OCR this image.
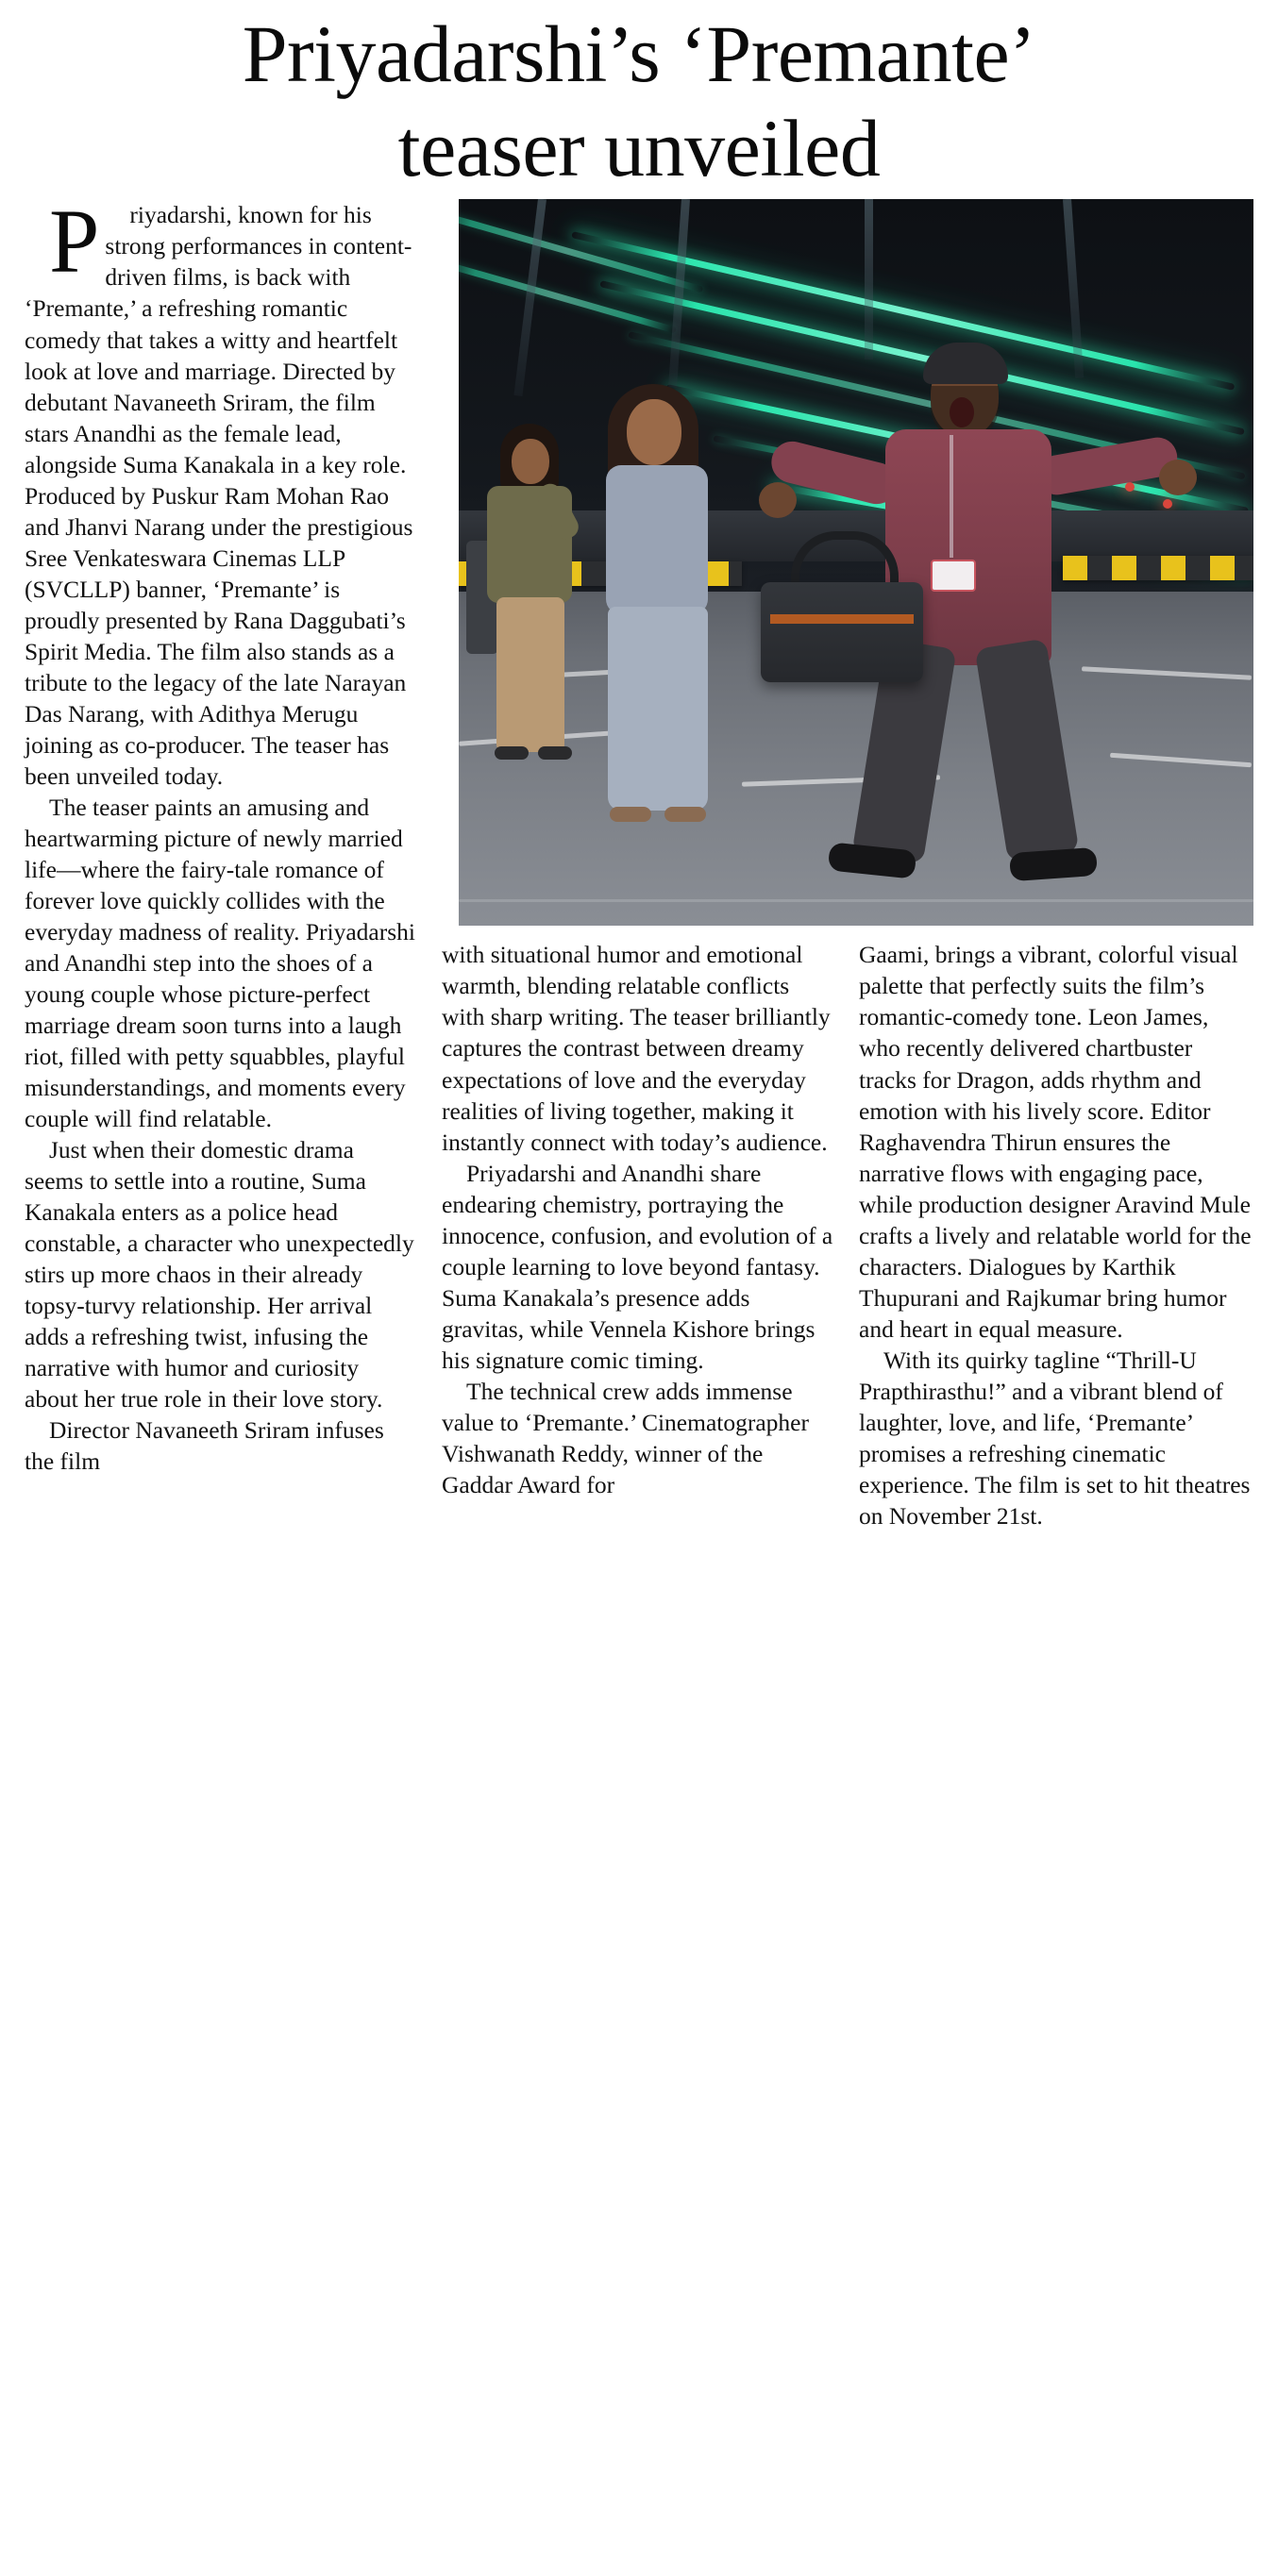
Priyadarshi’s ‘Premante’
teaser unveiled

P riyadarshi, known for his strong performances in content-driven films, is back with ‘Premante,’ a refreshing romantic comedy that takes a witty and heartfelt look at love and marriage. Directed by debutant Navaneeth Sriram, the film stars Anandhi as the female lead, alongside Suma Kanakala in a key role. Produced by Puskur Ram Mohan Rao and Jhanvi Narang under the prestigious Sree Venkateswara Cinemas LLP (SVCLLP) banner, ‘Premante’ is proudly presented by Rana Daggubati’s Spirit Media. The film also stands as a tribute to the legacy of the late Narayan Das Narang, with Adithya Merugu joining as co-producer. The teaser has been unveiled today.

The teaser paints an amusing and heartwarming picture of newly married life—where the fairy-tale romance of forever love quickly collides with the everyday madness of reality. Priyadarshi and Anandhi step into the shoes of a young couple whose picture-perfect marriage dream soon turns into a laugh riot, filled with petty squabbles, playful misunderstandings, and moments every couple will find relatable.

Just when their domestic drama seems to settle into a routine, Suma Kanakala enters as a police head constable, a character who unexpectedly stirs up more chaos in their already topsy-turvy relationship. Her arrival adds a refreshing twist, infusing the narrative with humor and curiosity about her true role in their love story.

Director Navaneeth Sriram infuses the film

with situational humor and emotional warmth, blending relatable conflicts with sharp writing. The teaser brilliantly captures the contrast between dreamy expectations of love and the everyday realities of living together, making it instantly connect with today’s audience.

Priyadarshi and Anandhi share endearing chemistry, portraying the innocence, confusion, and evolution of a couple learning to love beyond fantasy. Suma Kanakala’s presence adds gravitas, while Vennela Kishore brings his signature comic timing.

The technical crew adds immense value to ‘Premante.’ Cinematographer Vishwanath Reddy, winner of the Gaddar Award for

Gaami, brings a vibrant, colorful visual palette that perfectly suits the film’s romantic-comedy tone. Leon James, who recently delivered chartbuster tracks for Dragon, adds rhythm and emotion with his lively score. Editor Raghavendra Thirun ensures the narrative flows with engaging pace, while production designer Aravind Mule crafts a lively and relatable world for the characters. Dialogues by Karthik Thupurani and Rajkumar bring humor and heart in equal measure.

With its quirky tagline “Thrill-U Prapthirasthu!” and a vibrant blend of laughter, love, and life, ‘Premante’ promises a refreshing cinematic experience. The film is set to hit theatres on November 21st.
